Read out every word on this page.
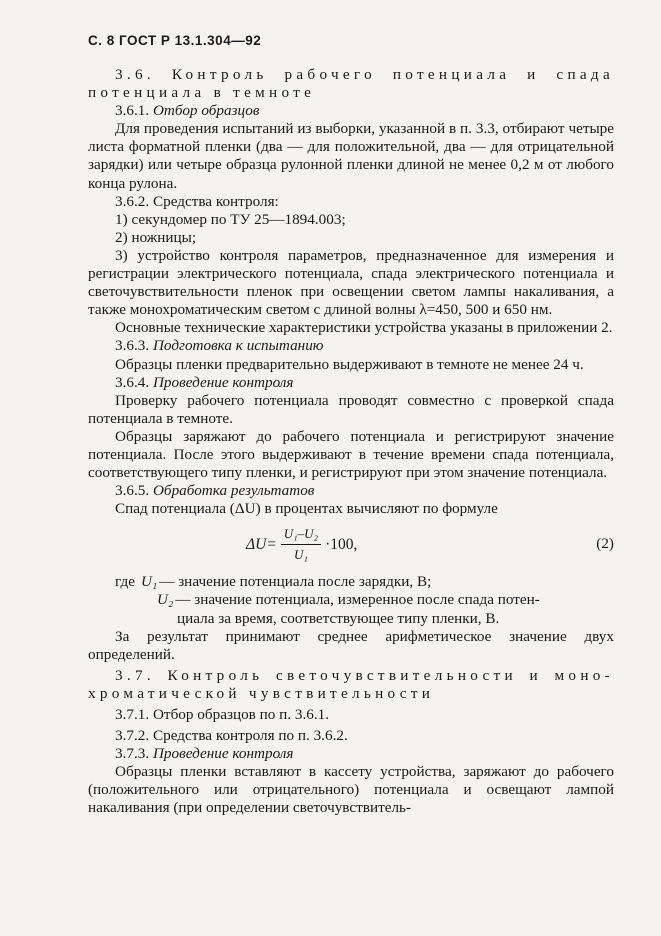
С. 8 ГОСТ Р 13.1.304—92

3.6. Контроль рабочего потенциала и спада

потенциала в темноте

3.6.1. Отбор образцов

Для проведения испытаний из выборки, указанной в п. 3.3, отбирают четыре листа форматной пленки (два — для положительной, два — для отрицательной зарядки) или четыре образца рулонной пленки длиной не менее 0,2 м от любого конца рулона.

3.6.2. Средства контроля:

1) секундомер по ТУ 25—1894.003;

2) ножницы;

3) устройство контроля параметров, предназначенное для измерения и регистрации электрического потенциала, спада электрического потенциала и светочувствительности пленок при освещении светом лампы накаливания, а также монохроматическим светом с длиной волны λ=450, 500 и 650 нм.

Основные технические характеристики устройства указаны в приложении 2.

3.6.3. Подготовка к испытанию

Образцы пленки предварительно выдерживают в темноте не менее 24 ч.

3.6.4. Проведение контроля

Проверку рабочего потенциала проводят совместно с проверкой спада потенциала в темноте.

Образцы заряжают до рабочего потенциала и регистрируют значение потенциала. После этого выдерживают в течение времени спада потенциала, соответствующего типу пленки, и регистрируют при этом значение потенциала.

3.6.5. Обработка результатов

Спад потенциала (ΔU) в процентах вычисляют по формуле

$\Delta U= \frac{\text{U₁–U₂}}{\text{U₁}} \cdot 100$,	(2)
где U₁ — значение потенциала после зарядки, В;
U₂ — значение потенциала, измеренное после спада потен-
циала за время, соответствующее типу пленки, В.

За результат принимают среднее арифметическое значение двух определений.

3.7. Контроль светочувствительности и моно-

хроматической чувствительности

3.7.1. Отбор образцов по п. 3.6.1.

3.7.2. Средства контроля по п. 3.6.2.

3.7.3. Проведение контроля

Образцы пленки вставляют в кассету устройства, заряжают до рабочего (положительного или отрицательного) потенциала и освещают лампой накаливания (при определении светочувствитель-
